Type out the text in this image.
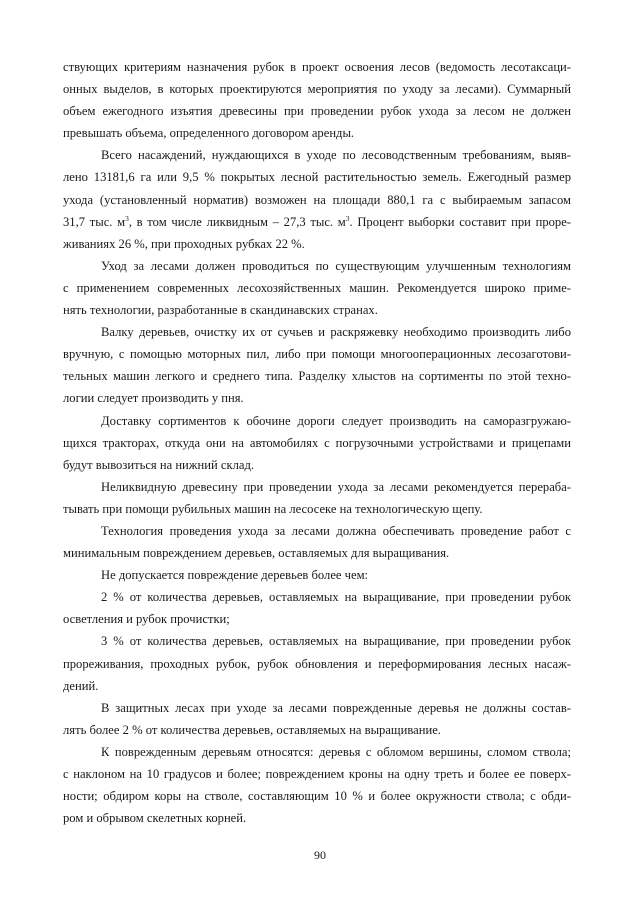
ствующих критериям назначения рубок в проект освоения лесов (ведомость лесотаксаци-
онных выделов, в которых проектируются мероприятия по уходу за лесами). Суммарный
объем ежегодного изъятия древесины при проведении рубок ухода за лесом не должен
превышать объема, определенного договором аренды.

Всего насаждений, нуждающихся в уходе по лесоводственным требованиям, выяв-
лено 13181,6 га или 9,5 % покрытых лесной растительностью земель. Ежегодный размер
ухода (установленный норматив) возможен на площади 880,1 га с выбираемым запасом
31,7 тыс. $м^3$, в том числе ликвидным – 27,3 тыс. $м^3$. Процент выборки составит при проре-
живаниях 26 %, при проходных рубках 22 %.

Уход за лесами должен проводиться по существующим улучшенным технологиям
с применением современных лесохозяйственных машин. Рекомендуется широко приме-
нять технологии, разработанные в скандинавских странах.

Валку деревьев, очистку их от сучьев и раскряжевку необходимо производить либо
вручную, с помощью моторных пил, либо при помощи многооперационных лесозаготови-
тельных машин легкого и среднего типа. Разделку хлыстов на сортименты по этой техно-
логии следует производить у пня.

Доставку сортиментов к обочине дороги следует производить на саморазгружаю-
щихся тракторах, откуда они на автомобилях с погрузочными устройствами и прицепами
будут вывозиться на нижний склад.

Неликвидную древесину при проведении ухода за лесами рекомендуется перераба-
тывать при помощи рубильных машин на лесосеке на технологическую щепу.

Технология проведения ухода за лесами должна обеспечивать проведение работ с
минимальным повреждением деревьев, оставляемых для выращивания.

Не допускается повреждение деревьев более чем:

2 % от количества деревьев, оставляемых на выращивание, при проведении рубок
осветления и рубок прочистки;

3 % от количества деревьев, оставляемых на выращивание, при проведении рубок
прореживания, проходных рубок, рубок обновления и переформирования лесных насаж-
дений.

В защитных лесах при уходе за лесами поврежденные деревья не должны состав-
лять более 2 % от количества деревьев, оставляемых на выращивание.

К поврежденным деревьям относятся: деревья с обломом вершины, сломом ствола;
с наклоном на 10 градусов и более; повреждением кроны на одну треть и более ее поверх-
ности; обдиром коры на стволе, составляющим 10 % и более окружности ствола; с обди-
ром и обрывом скелетных корней.

90
